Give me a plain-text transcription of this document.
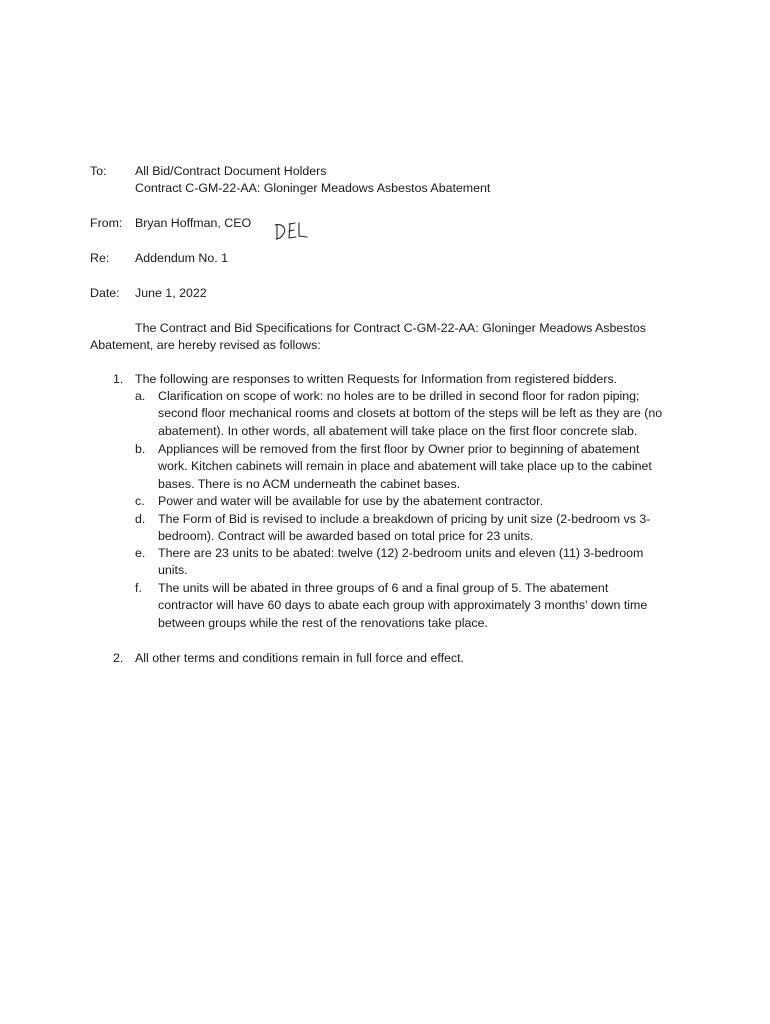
To: All Bid/Contract Document Holders
Contract C-GM-22-AA: Gloninger Meadows Asbestos Abatement
From: Bryan Hoffman, CEO
Re: Addendum No. 1
Date: June 1, 2022
The Contract and Bid Specifications for Contract C-GM-22-AA: Gloninger Meadows Asbestos
Abatement, are hereby revised as follows:
1. The following are responses to written Requests for Information from registered bidders.
a. Clarification on scope of work: no holes are to be drilled in second floor for radon piping;
second floor mechanical rooms and closets at bottom of the steps will be left as they are (no
abatement). In other words, all abatement will take place on the first floor concrete slab.
b. Appliances will be removed from the first floor by Owner prior to beginning of abatement
work. Kitchen cabinets will remain in place and abatement will take place up to the cabinet
bases. There is no ACM underneath the cabinet bases.
c. Power and water will be available for use by the abatement contractor.
d. The Form of Bid is revised to include a breakdown of pricing by unit size (2-bedroom vs 3-
bedroom). Contract will be awarded based on total price for 23 units.
e. There are 23 units to be abated: twelve (12) 2-bedroom units and eleven (11) 3-bedroom
units.
f. The units will be abated in three groups of 6 and a final group of 5. The abatement
contractor will have 60 days to abate each group with approximately 3 months’ down time
between groups while the rest of the renovations take place.
2. All other terms and conditions remain in full force and effect.
